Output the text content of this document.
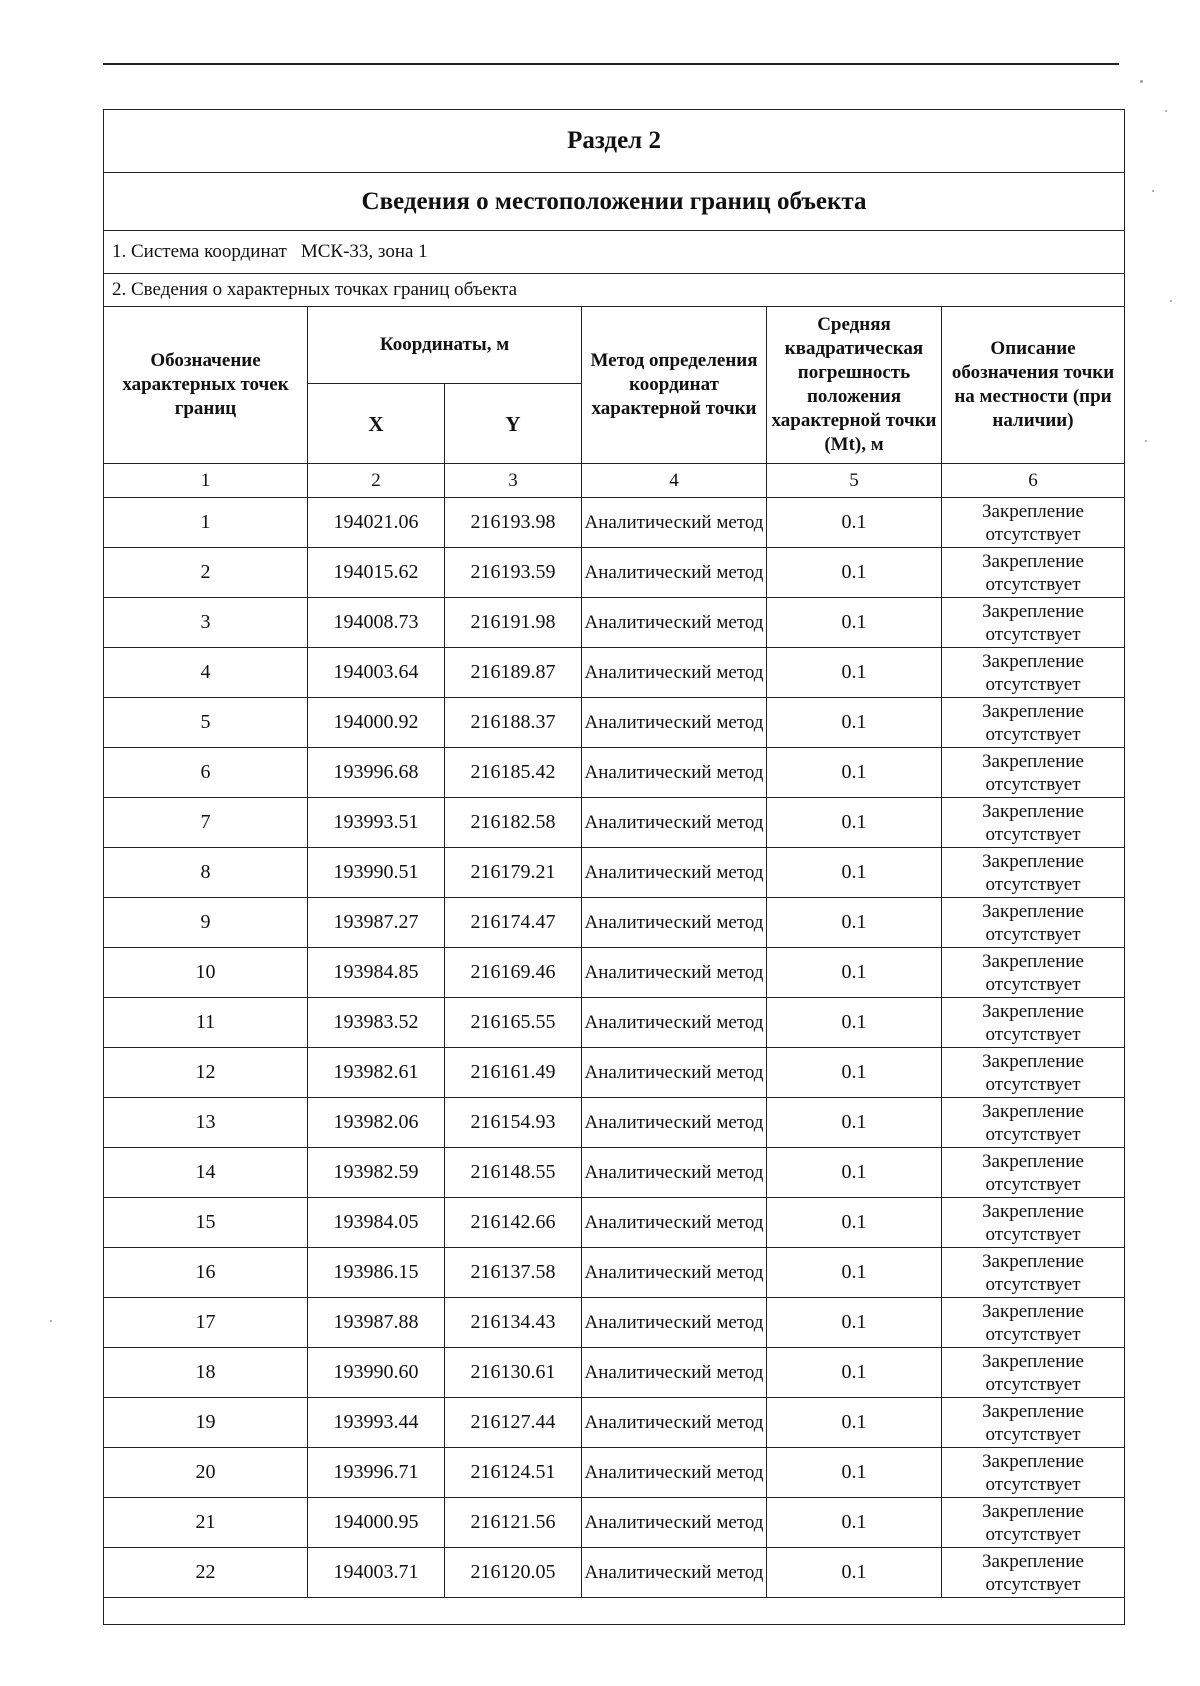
Раздел 2					
Сведения о местоположении границ объекта					
1. Система координат МСК-33, зона 1					
2. Сведения о характерных точках границ объекта					
Обозначение характерных точек границ	Координаты, м		Метод определения координат характерной точки	Средняя квадратическая погрешность положения характерной точки (Mt), м	Описание обозначения точки на местности (при наличии)
	X	Y			
1	2	3	4	5	6
1	194021.06	216193.98	Аналитический метод	0.1	Закрепление отсутствует
2	194015.62	216193.59	Аналитический метод	0.1	Закрепление отсутствует
3	194008.73	216191.98	Аналитический метод	0.1	Закрепление отсутствует
4	194003.64	216189.87	Аналитический метод	0.1	Закрепление отсутствует
5	194000.92	216188.37	Аналитический метод	0.1	Закрепление отсутствует
6	193996.68	216185.42	Аналитический метод	0.1	Закрепление отсутствует
7	193993.51	216182.58	Аналитический метод	0.1	Закрепление отсутствует
8	193990.51	216179.21	Аналитический метод	0.1	Закрепление отсутствует
9	193987.27	216174.47	Аналитический метод	0.1	Закрепление отсутствует
10	193984.85	216169.46	Аналитический метод	0.1	Закрепление отсутствует
11	193983.52	216165.55	Аналитический метод	0.1	Закрепление отсутствует
12	193982.61	216161.49	Аналитический метод	0.1	Закрепление отсутствует
13	193982.06	216154.93	Аналитический метод	0.1	Закрепление отсутствует
14	193982.59	216148.55	Аналитический метод	0.1	Закрепление отсутствует
15	193984.05	216142.66	Аналитический метод	0.1	Закрепление отсутствует
16	193986.15	216137.58	Аналитический метод	0.1	Закрепление отсутствует
17	193987.88	216134.43	Аналитический метод	0.1	Закрепление отсутствует
18	193990.60	216130.61	Аналитический метод	0.1	Закрепление отсутствует
19	193993.44	216127.44	Аналитический метод	0.1	Закрепление отсутствует
20	193996.71	216124.51	Аналитический метод	0.1	Закрепление отсутствует
21	194000.95	216121.56	Аналитический метод	0.1	Закрепление отсутствует
22	194003.71	216120.05	Аналитический метод	0.1	Закрепление отсутствует
